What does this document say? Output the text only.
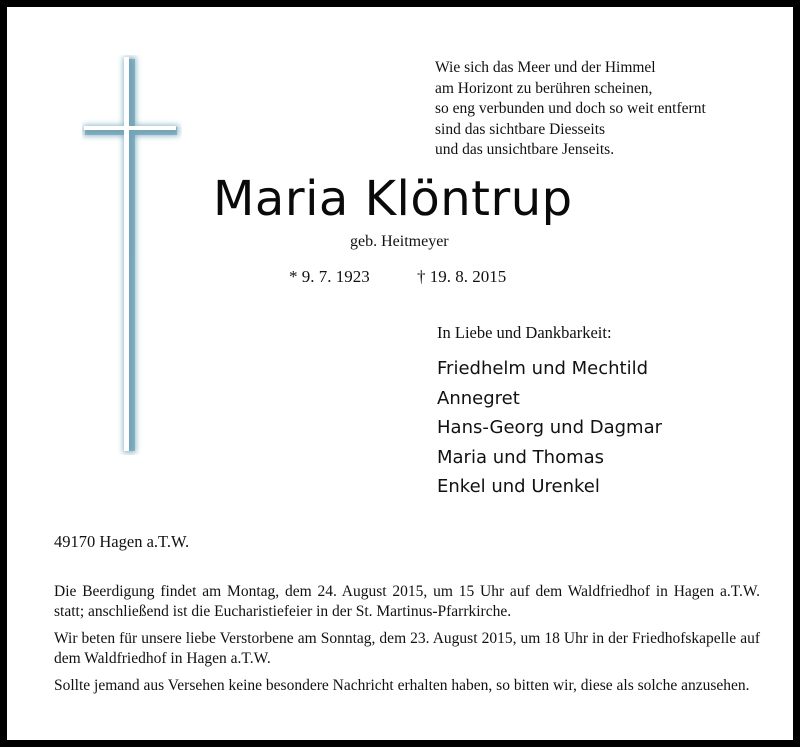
Wie sich das Meer und der Himmel
am Horizont zu berühren scheinen,
so eng verbunden und doch so weit entfernt
sind das sichtbare Diesseits
und das unsichtbare Jenseits.
Maria Klöntrup
geb. Heitmeyer
* 9. 7. 1923	† 19. 8. 2015
In Liebe und Dankbarkeit:
Friedhelm und Mechtild
Annegret
Hans-Georg und Dagmar
Maria und Thomas
Enkel und Urenkel
49170 Hagen a.T.W.

Die Beerdigung findet am Montag, dem 24. August 2015, um 15 Uhr auf dem Waldfriedhof in Hagen a.T.W. statt; anschließend ist die Eucharistiefeier in der St. Martinus-Pfarrkirche.

Wir beten für unsere liebe Verstorbene am Sonntag, dem 23. August 2015, um 18 Uhr in der Friedhofskapelle auf dem Waldfriedhof in Hagen a.T.W.

Sollte jemand aus Versehen keine besondere Nachricht erhalten haben, so bitten wir, diese als solche anzusehen.
